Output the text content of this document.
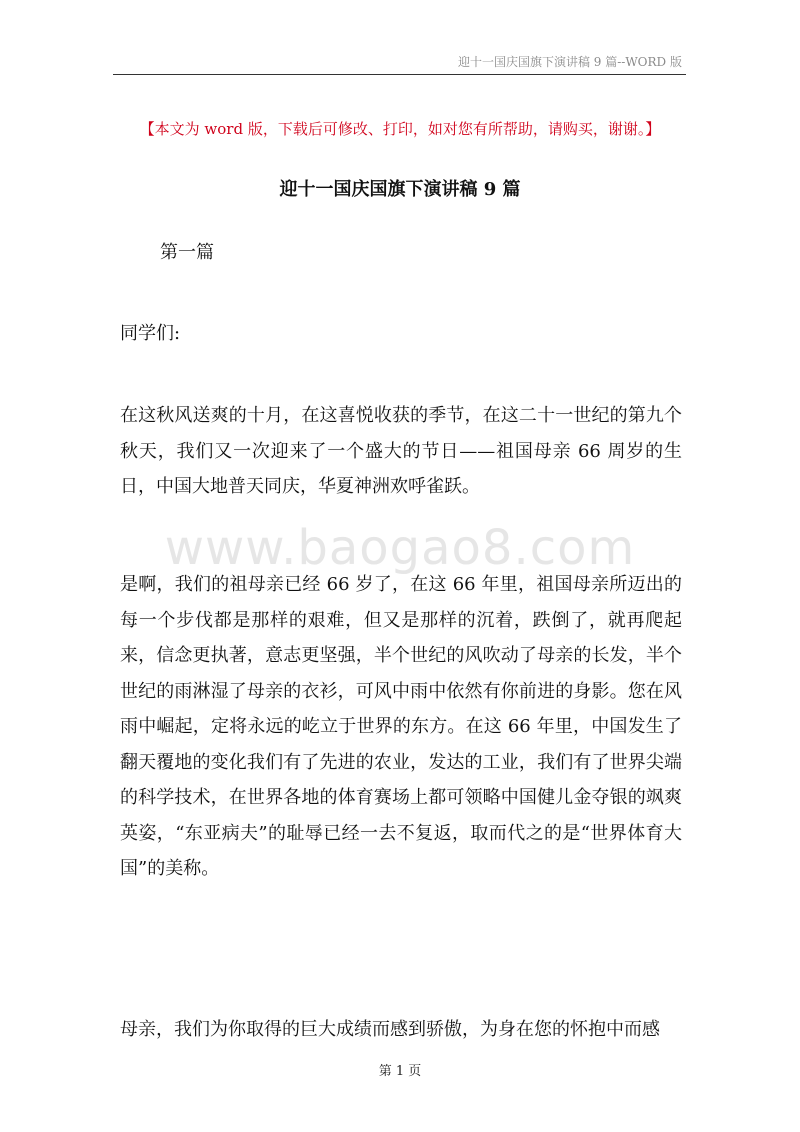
迎十一国庆国旗下演讲稿 9 篇--WORD 版
【本文为 word 版，下载后可修改、打印，如对您有所帮助，请购买，谢谢。】
迎十一国庆国旗下演讲稿 9 篇
第一篇
同学们:

在这秋风送爽的十月，在这喜悦收获的季节，在这二十一世纪的第九个秋天，我们又一次迎来了一个盛大的节日——祖国母亲 66 周岁的生日，中国大地普天同庆，华夏神洲欢呼雀跃。

www.baogao8.com

是啊，我们的祖母亲已经 66 岁了，在这 66 年里，祖国母亲所迈出的每一个步伐都是那样的艰难，但又是那样的沉着，跌倒了，就再爬起来，信念更执著，意志更坚强，半个世纪的风吹动了母亲的长发，半个世纪的雨淋湿了母亲的衣衫，可风中雨中依然有你前进的身影。您在风雨中崛起，定将永远的屹立于世界的东方。在这 66 年里，中国发生了翻天覆地的变化我们有了先进的农业，发达的工业，我们有了世界尖端的科学技术，在世界各地的体育赛场上都可领略中国健儿金夺银的飒爽英姿，“东亚病夫”的耻辱已经一去不复返，取而代之的是“世界体育大国”的美称。

母亲，我们为你取得的巨大成绩而感到骄傲，为身在您的怀抱中而感

第 1 页
